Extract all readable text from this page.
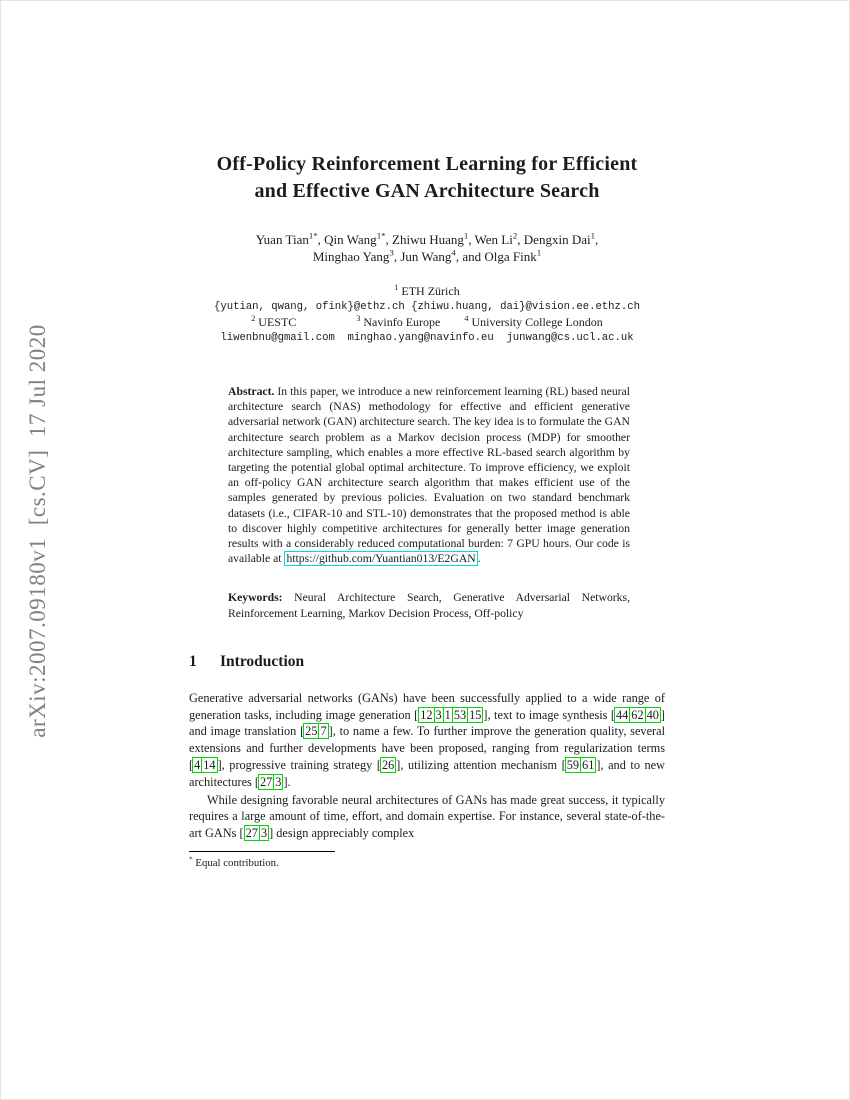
arXiv:2007.09180v1  [cs.CV]  17 Jul 2020
Off-Policy Reinforcement Learning for Efficient
and Effective GAN Architecture Search
Yuan Tian$^{1*}$, Qin Wang$^{1*}$, Zhiwu Huang$^1$, Wen Li$^2$, Dengxin Dai$^1$,
Minghao Yang$^3$, Jun Wang$^4$, and Olga Fink$^1$
$^1$ ETH Zürich
{yutian, qwang, ofink}@ethz.ch {zhiwu.huang, dai}@vision.ee.ethz.ch
$^2$ UESTC     $^3$ Navinfo Europe  $^4$ University College London
liwenbnu@gmail.com  minghao.yang@navinfo.eu  junwang@cs.ucl.ac.uk
Abstract. In this paper, we introduce a new reinforcement learning (RL) based neural architecture search (NAS) methodology for effective and efficient generative adversarial network (GAN) architecture search. The key idea is to formulate the GAN architecture search problem as a Markov decision process (MDP) for smoother architecture sampling, which enables a more effective RL-based search algorithm by targeting the potential global optimal architecture. To improve efficiency, we exploit an off-policy GAN architecture search algorithm that makes efficient use of the samples generated by previous policies. Evaluation on two standard benchmark datasets (i.e., CIFAR-10 and STL-10) demonstrates that the proposed method is able to discover highly competitive architectures for generally better image generation results with a considerably reduced computational burden: 7 GPU hours. Our code is available at https://github.com/Yuantian013/E2GAN .
Keywords: Neural Architecture Search, Generative Adversarial Networks, Reinforcement Learning, Markov Decision Process, Off-policy
1 Introduction

Generative adversarial networks (GANs) have been successfully applied to a wide range of generation tasks, including image generation [ 12 3 1 53 15 ], text to image synthesis [44 62 40 ] and image translation [25 7 ], to name a few. To further improve the generation quality, several extensions and further developments have been proposed, ranging from regularization terms [4 14 ], progressive training strategy [26 ], utilizing attention mechanism [59 61 ], and to new architectures [27 3 ].

While designing favorable neural architectures of GANs has made great success, it typically requires a large amount of time, effort, and domain expertise. For instance, several state-of-the-art GANs [ 27 3 ] design appreciably complex

* Equal contribution.
